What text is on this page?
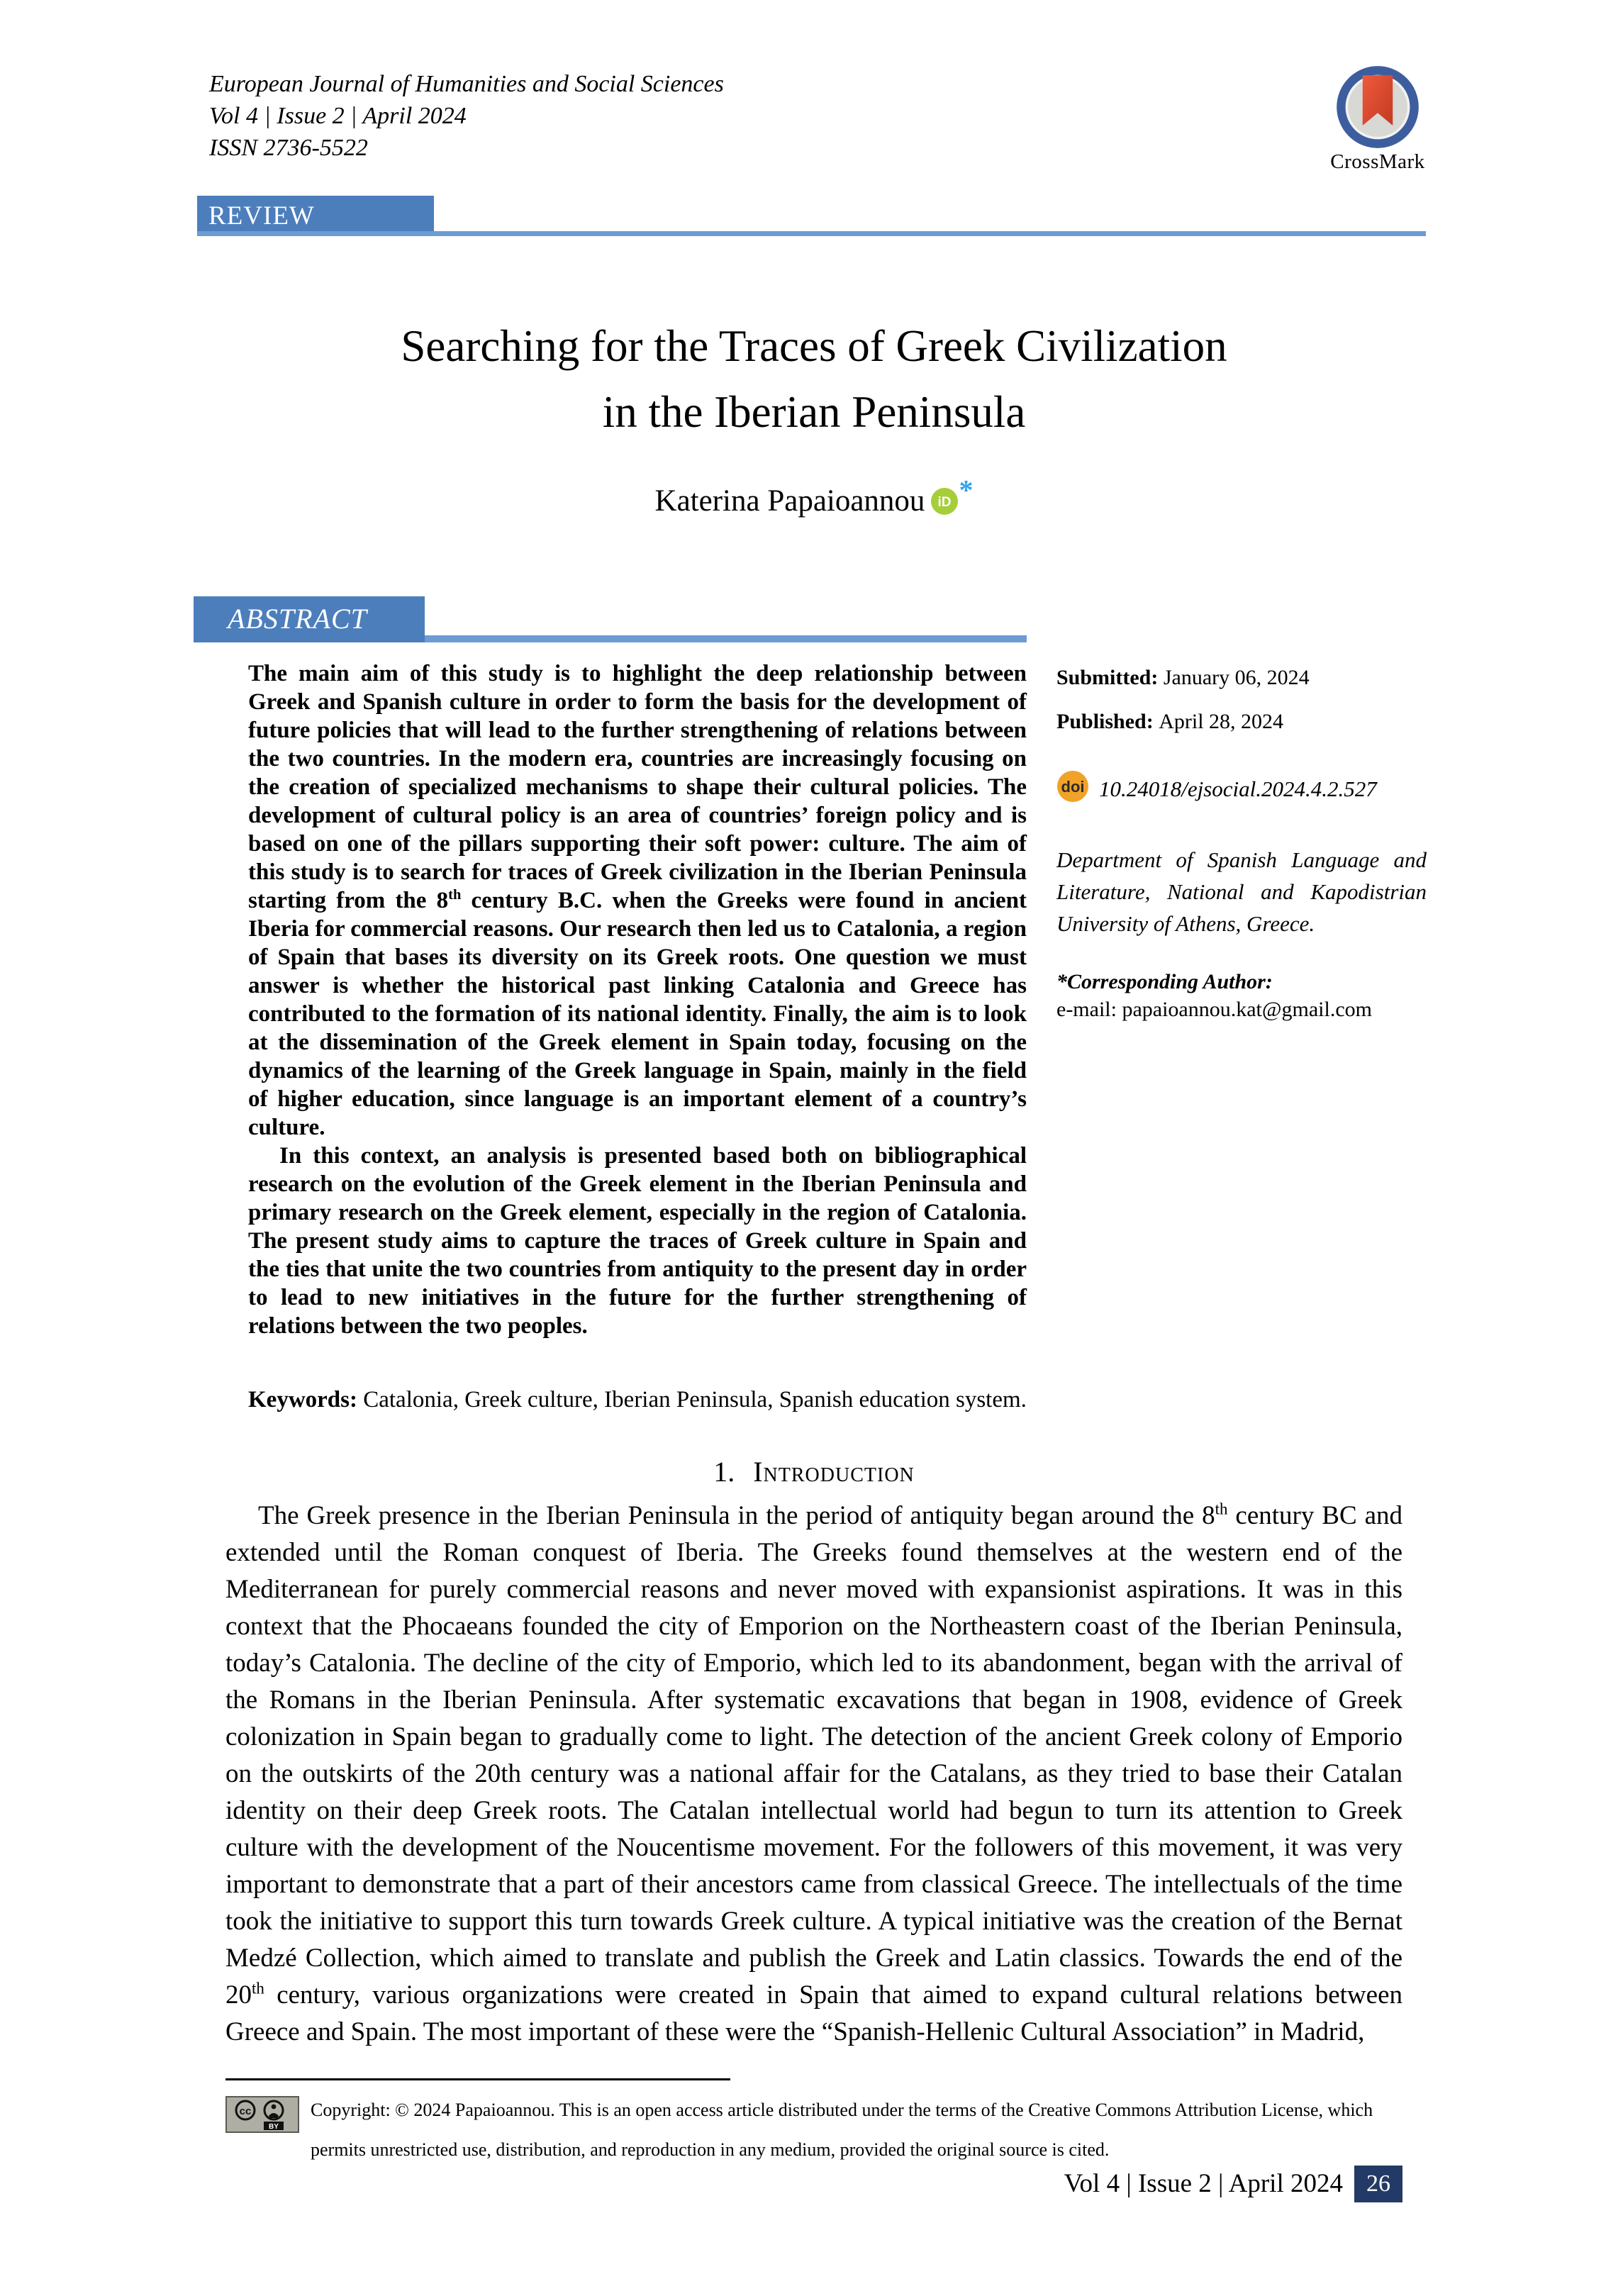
European Journal of Humanities and Social Sciences
Vol 4 | Issue 2 | April 2024
ISSN 2736-5522
CrossMark
REVIEW ARTICLE
Searching for the Traces of Greek Civilization
in the Iberian Peninsula
Katerina Papaioannou iD *
ABSTRACT

The main aim of this study is to highlight the deep relationship between Greek and Spanish culture in order to form the basis for the development of future policies that will lead to the further strengthening of relations between the two countries. In the modern era, countries are increasingly focusing on the creation of specialized mechanisms to shape their cultural policies. The development of cultural policy is an area of countries’ foreign policy and is based on one of the pillars supporting their soft power: culture. The aim of this study is to search for traces of Greek civilization in the Iberian Peninsula starting from the 8th century B.C. when the Greeks were found in ancient Iberia for commercial reasons. Our research then led us to Catalonia, a region of Spain that bases its diversity on its Greek roots. One question we must answer is whether the historical past linking Catalonia and Greece has contributed to the formation of its national identity. Finally, the aim is to look at the dissemination of the Greek element in Spain today, focusing on the dynamics of the learning of the Greek language in Spain, mainly in the field of higher education, since language is an important element of a country’s culture.

In this context, an analysis is presented based both on bibliographical research on the evolution of the Greek element in the Iberian Peninsula and primary research on the Greek element, especially in the region of Catalonia. The present study aims to capture the traces of Greek culture in Spain and the ties that unite the two countries from antiquity to the present day in order to lead to new initiatives in the future for the further strengthening of relations between the two peoples.

Submitted: January 06, 2024
Published: April 28, 2024
doi 10.24018/ejsocial.2024.4.2.527
Department of Spanish Language and Literature, National and Kapodistrian University of Athens, Greece.
*Corresponding Author:
e-mail: papaioannou.kat@gmail.com
Keywords: Catalonia, Greek culture, Iberian Peninsula, Spanish education system.
1. Introduction

The Greek presence in the Iberian Peninsula in the period of antiquity began around the 8th century BC and extended until the Roman conquest of Iberia. The Greeks found themselves at the western end of the Mediterranean for purely commercial reasons and never moved with expansionist aspirations. It was in this context that the Phocaeans founded the city of Emporion on the Northeastern coast of the Iberian Peninsula, today’s Catalonia. The decline of the city of Emporio, which led to its abandonment, began with the arrival of the Romans in the Iberian Peninsula. After systematic excavations that began in 1908, evidence of Greek colonization in Spain began to gradually come to light. The detection of the ancient Greek colony of Emporio on the outskirts of the 20th century was a national affair for the Catalans, as they tried to base their Catalan identity on their deep Greek roots. The Catalan intellectual world had begun to turn its attention to Greek culture with the development of the Noucentisme movement. For the followers of this movement, it was very important to demonstrate that a part of their ancestors came from classical Greece. The intellectuals of the time took the initiative to support this turn towards Greek culture. A typical initiative was the creation of the Bernat Medzé Collection, which aimed to translate and publish the Greek and Latin classics. Towards the end of the 20th century, various organizations were created in Spain that aimed to expand cultural relations between Greece and Spain. The most important of these were the “Spanish-Hellenic Cultural Association” in Madrid,

cc
BY
Copyright: © 2024 Papaioannou. This is an open access article distributed under the terms of the Creative Commons Attribution License, which permits unrestricted use, distribution, and reproduction in any medium, provided the original source is cited.
Vol 4 | Issue 2 | April 2024 26
